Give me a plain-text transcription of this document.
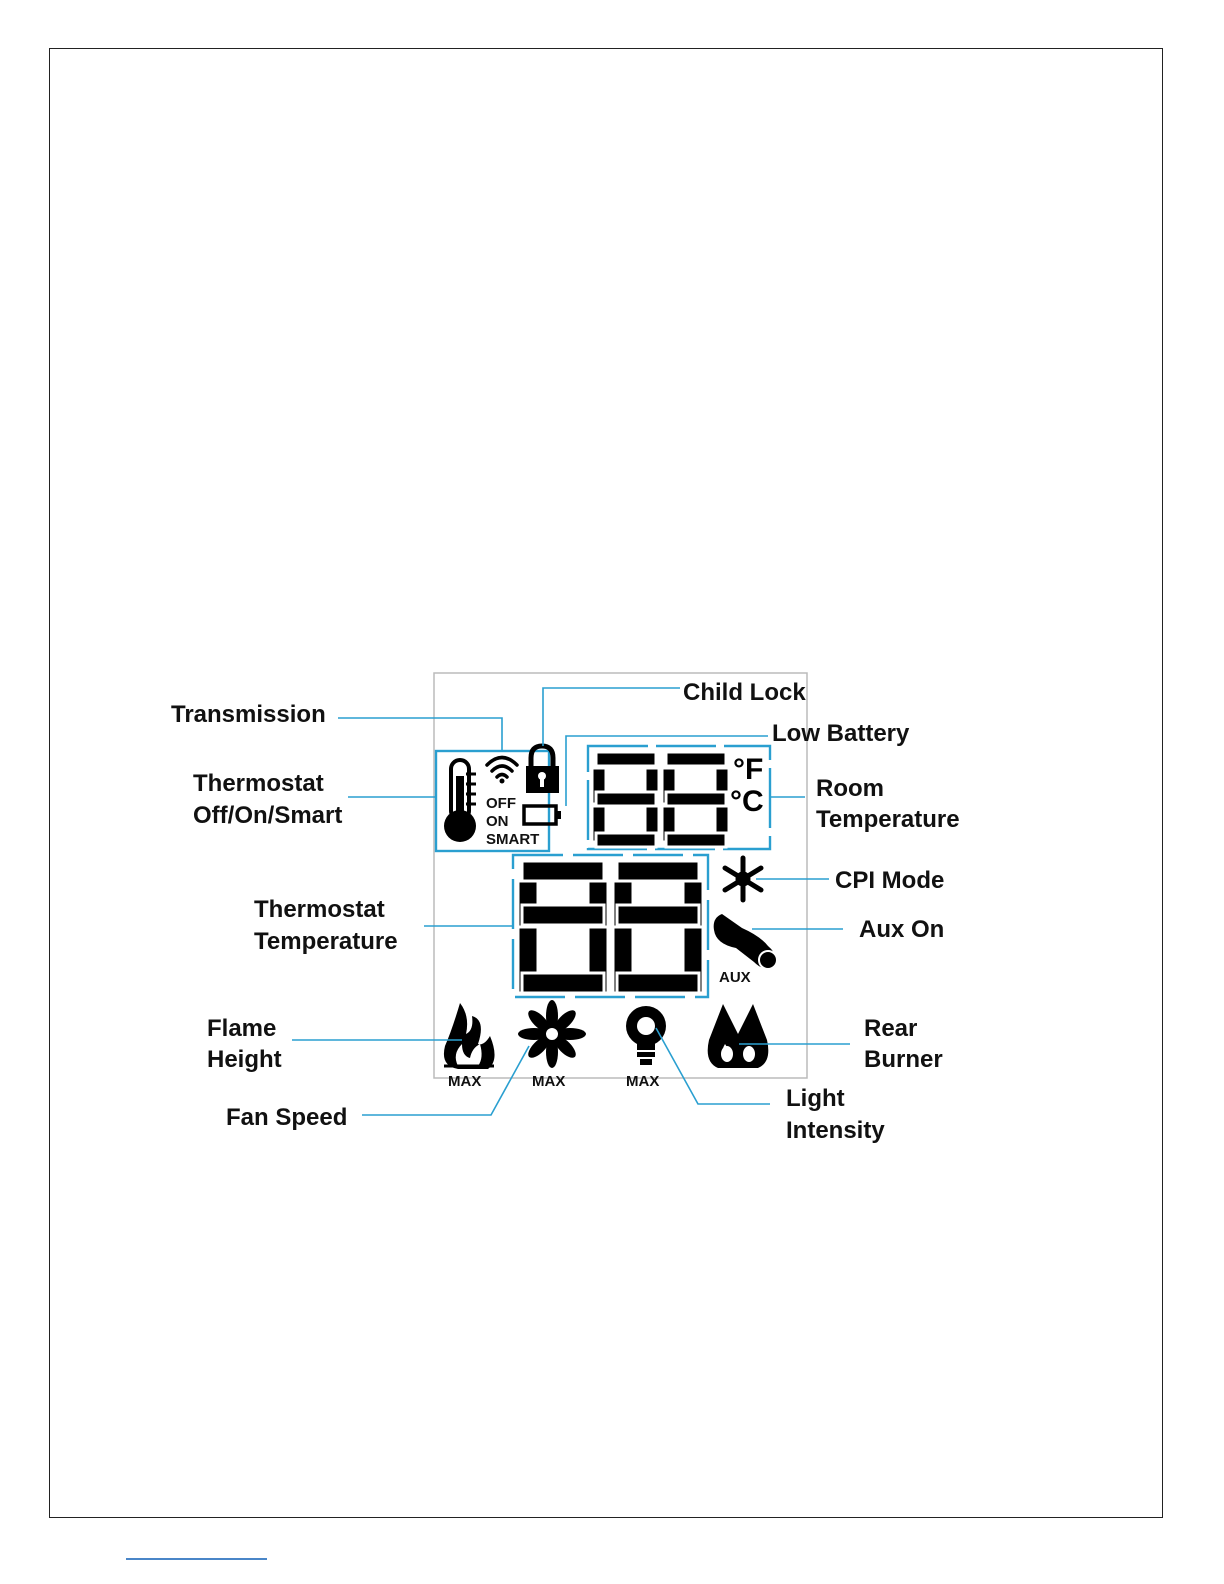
OFF
ON
SMART
°F
°C
AUX
MAX	MAX	MAX
Transmission
Child Lock
Low Battery
Thermostat
Off/On/Smart
Room
Temperature
CPI Mode
Thermostat
Temperature	Aux On
Flame
Height
Rear
Burner
Fan Speed
Light
Intensity
